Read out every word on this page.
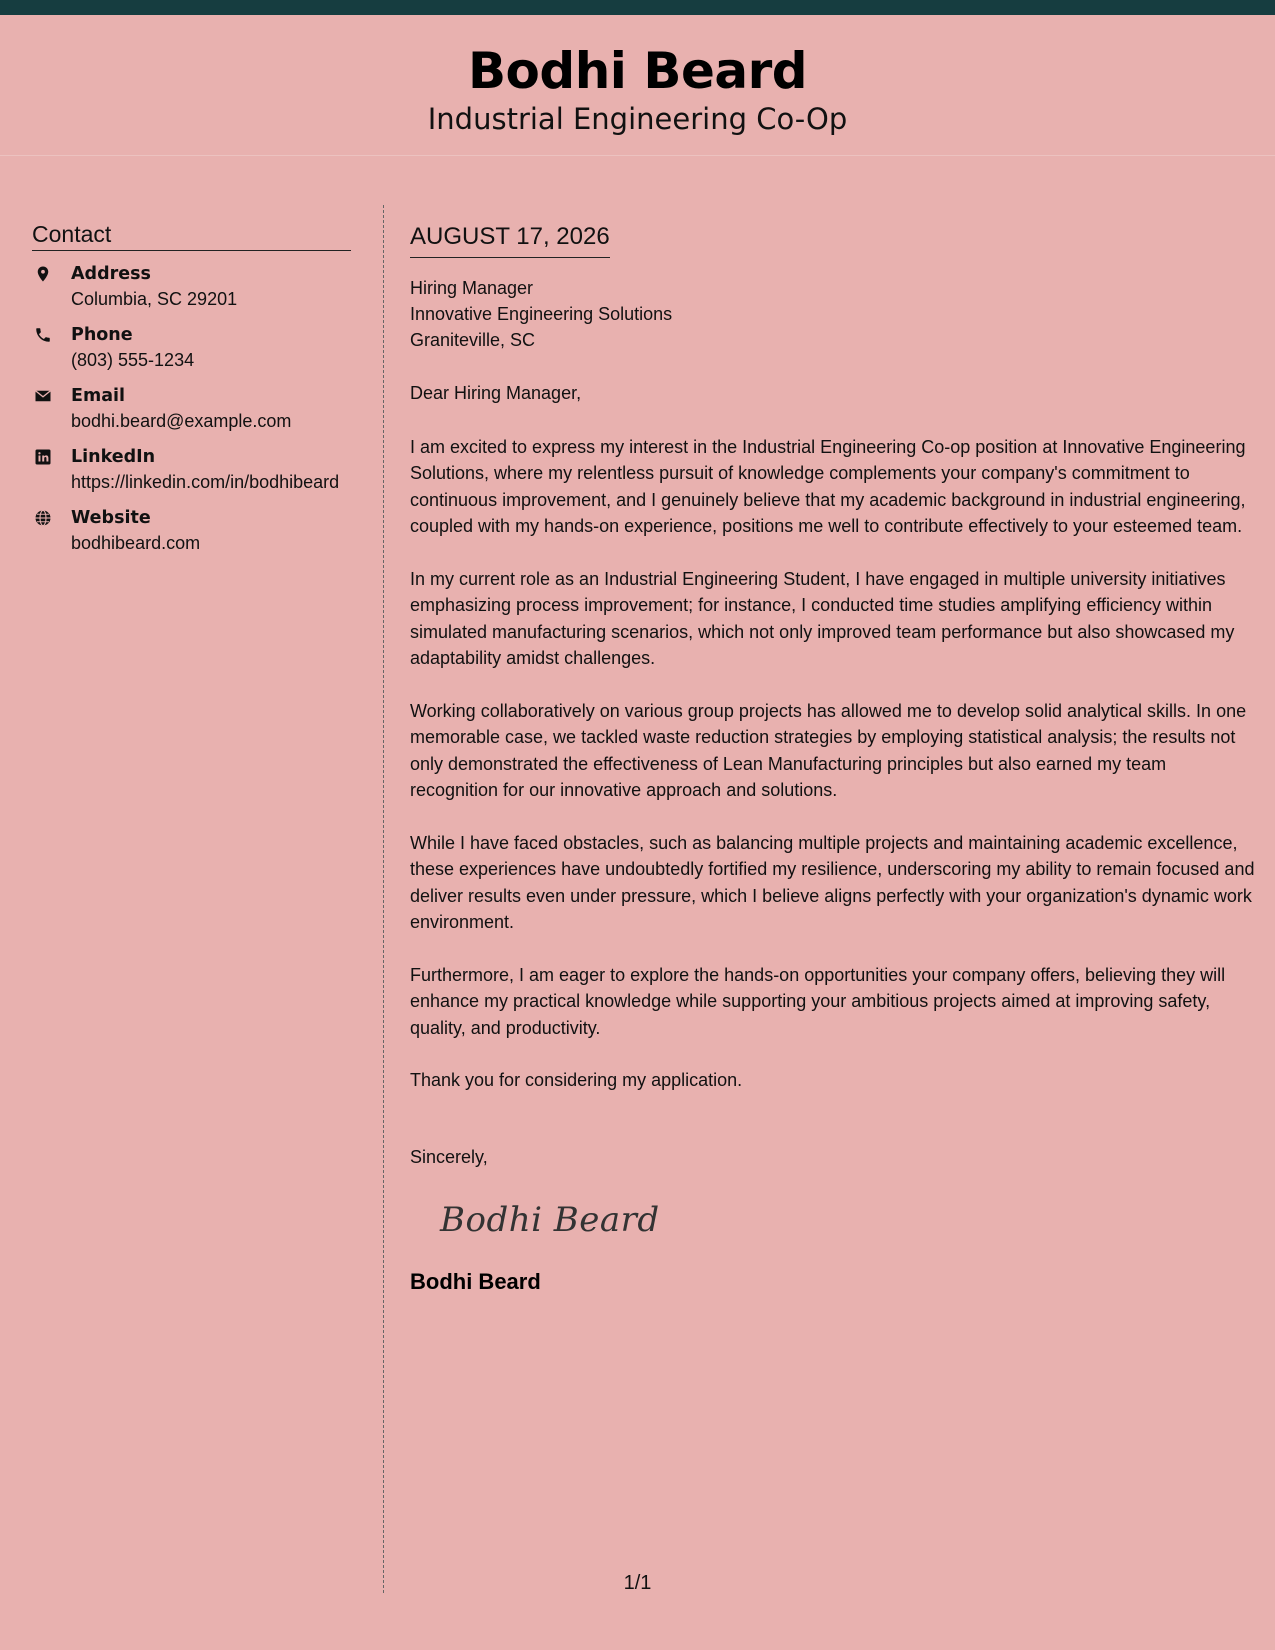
Bodhi Beard
Industrial Engineering Co-Op
Contact
Address
Columbia, SC 29201
Phone
(803) 555-1234
Email
bodhi.beard@example.com
LinkedIn
https://linkedin.com/in/bodhibeard
Website
bodhibeard.com
AUGUST 17, 2026
Hiring Manager
Innovative Engineering Solutions
Graniteville, SC
Dear Hiring Manager,

I am excited to express my interest in the Industrial Engineering Co-op position at Innovative Engineering Solutions, where my relentless pursuit of knowledge complements your company's commitment to continuous improvement, and I genuinely believe that my academic background in industrial engineering, coupled with my hands-on experience, positions me well to contribute effectively to your esteemed team.

In my current role as an Industrial Engineering Student, I have engaged in multiple university initiatives emphasizing process improvement; for instance, I conducted time studies amplifying efficiency within simulated manufacturing scenarios, which not only improved team performance but also showcased my adaptability amidst challenges.

Working collaboratively on various group projects has allowed me to develop solid analytical skills. In one memorable case, we tackled waste reduction strategies by employing statistical analysis; the results not only demonstrated the effectiveness of Lean Manufacturing principles but also earned my team recognition for our innovative approach and solutions.

While I have faced obstacles, such as balancing multiple projects and maintaining academic excellence, these experiences have undoubtedly fortified my resilience, underscoring my ability to remain focused and deliver results even under pressure, which I believe aligns perfectly with your organization's dynamic work environment.

Furthermore, I am eager to explore the hands-on opportunities your company offers, believing they will enhance my practical knowledge while supporting your ambitious projects aimed at improving safety, quality, and productivity.

Thank you for considering my application.

Sincerely,
Bodhi Beard
Bodhi Beard
1/1
